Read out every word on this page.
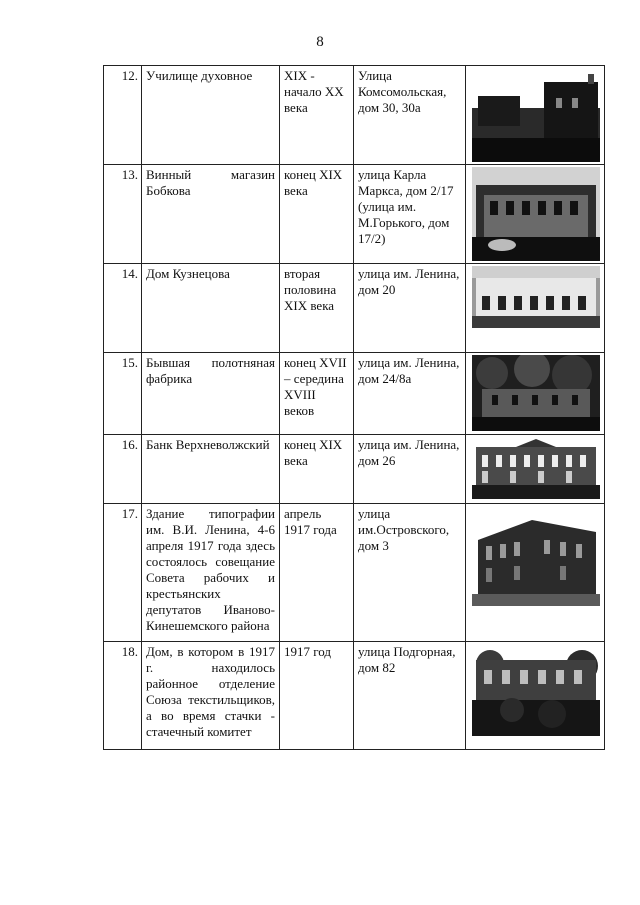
8
12.	Училище духовное	XIX - начало XX века	Улица Комсомольская, дом 30, 30а	

13.	Винный магазин Бобкова	конец XIX века	улица Карла Маркса, дом 2/17 (улица им. М.Горького, дом 17/2)	

14.	Дом Кузнецова	вторая половина XIX века	улица им. Ленина, дом 20	

15.	Бывшая полотняная фабрика	конец XVII – середина XVIII веков	улица им. Ленина, дом 24/8а	

16.	Банк Верхневолжский	конец XIX века	улица им. Ленина, дом 26	

17.	Здание типографии им. В.И. Ленина, 4-6 апреля 1917 года здесь состоялось совещание Совета рабочих и крестьянских депутатов Иваново-Кинешемского района	апрель 1917 года	улица им.Островского, дом 3	

18.	Дом, в котором в 1917 г. находилось районное отделение Союза текстильщиков, а во время стачки - стачечный комитет	1917 год	улица Подгорная, дом 82	
